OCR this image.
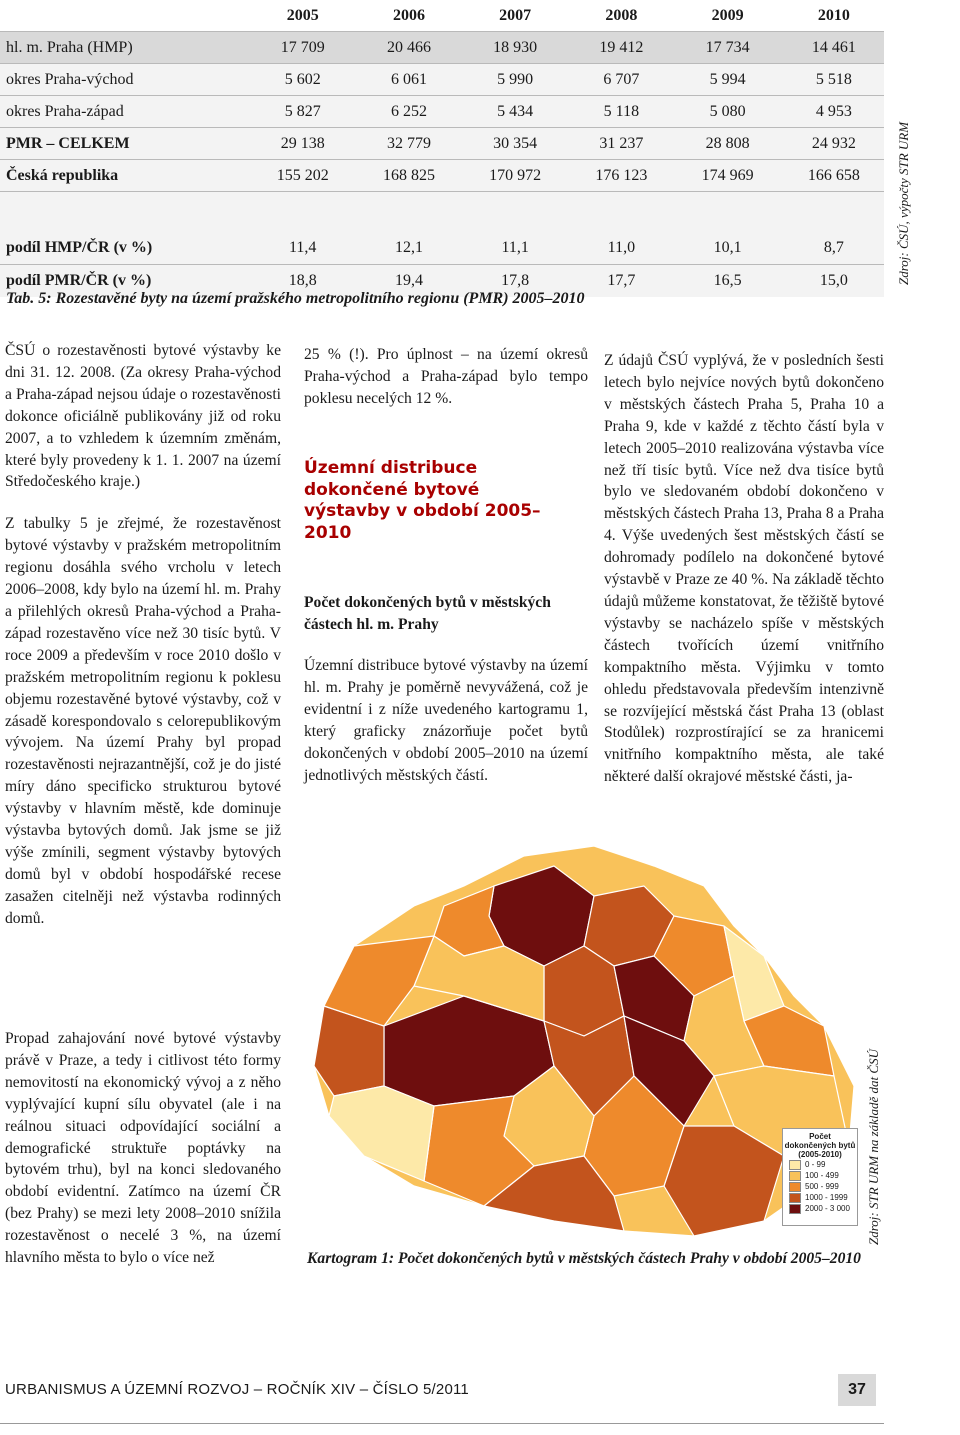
	2005	2006	2007	2008	2009	2010
hl. m. Praha (HMP)	17 709	20 466	18 930	19 412	17 734	14 461
okres Praha-východ	5 602	6 061	5 990	6 707	5 994	5 518
okres Praha-západ	5 827	6 252	5 434	5 118	5 080	4 953
PMR – CELKEM	29 138	32 779	30 354	31 237	28 808	24 932
Česká republika	155 202	168 825	170 972	176 123	174 969	166 658

podíl HMP/ČR (v %)	11,4	12,1	11,1	11,0	10,1	8,7
podíl PMR/ČR (v %)	18,8	19,4	17,8	17,7	16,5	15,0
Tab. 5: Rozestavěné byty na území pražského metropolitního regionu (PMR) 2005–2010
Zdroj: ČSÚ, výpočty STR URM

ČSÚ o rozestavěnosti bytové výstavby ke dni 31. 12. 2008. (Za okresy Praha-východ a Praha-západ nejsou údaje o rozestavěnosti dokonce oficiálně publikovány již od roku 2007, a to vzhledem k územním změnám, které byly provedeny k 1. 1. 2007 na území Středočeského kraje.)

Z tabulky 5 je zřejmé, že rozestavěnost bytové výstavby v pražském metropolitním regionu dosáhla svého vrcholu v letech 2006–2008, kdy bylo na území hl. m. Prahy a přilehlých okresů Praha-východ a Praha-západ rozestavěno více než 30 tisíc bytů. V roce 2009 a především v roce 2010 došlo v pražském metropolitním regionu k poklesu objemu rozestavěné bytové výstavby, což v zásadě korespondovalo s celorepublikovým vývojem. Na území Prahy byl propad rozestavěnosti nejrazantnější, což je do jisté míry dáno specificko strukturou bytové výstavby v hlavním městě, kde dominuje výstavba bytových domů. Jak jsme se již výše zmínili, segment výstavby bytových domů byl v období hospodářské recese zasažen citelněji než výstavba rodinných domů.

Propad zahajování nové bytové výstavby právě v Praze, a tedy i citlivost této formy nemovitostí na ekonomický vývoj a z něho vyplývající kupní sílu obyvatel (ale i na reálnou situaci odpovídající sociální a demografické struktuře poptávky na bytovém trhu), byl na konci sledovaného období evidentní. Zatímco na území ČR (bez Prahy) se mezi lety 2008–2010 snížila rozestavěnost o necelé 3 %, na území hlavního města to bylo o více než

25 % (!). Pro úplnost – na území okresů Praha-východ a Praha-západ bylo tempo poklesu necelých 12 %.

Územní distribuce dokončené bytové výstavby v období 2005–2010
Počet dokončených bytů v městských částech hl. m. Prahy
Územní distribuce bytové výstavby na území hl. m. Prahy je poměrně nevyvážená, což je evidentní i z níže uvedeného kartogramu 1, který graficky znázorňuje počet bytů dokončených v období 2005–2010 na území jednotlivých městských částí.

Z údajů ČSÚ vyplývá, že v posledních šesti letech bylo nejvíce nových bytů dokončeno v městských částech Praha 5, Praha 10 a Praha 9, kde v každé z těchto částí byla v letech 2005–2010 realizována výstavba více než tří tisíc bytů. Více než dva tisíce bytů bylo ve sledovaném období dokončeno v městských částech Praha 13, Praha 8 a Praha 4. Výše uvedených šest městských částí se dohromady podílelo na dokončené bytové výstavbě v Praze ze 40 %. Na základě těchto údajů můžeme konstatovat, že těžiště bytové výstavby se nacházelo spíše v městských částech tvořících území vnitřního kompaktního města. Výjimku v tomto ohledu představovala především intenzivně se rozvíjející městská část Praha 13 (oblast Stodůlek) rozprostírající se za hranicemi vnitřního kompaktního města, ale také některé další okrajové městské části, ja-

Počet dokončených bytů (2005-2010)
0 - 99
100 - 499
500 - 999
1000 - 1999
2000 - 3 000 Zdroj: STR URM na základě dat ČSÚ
Kartogram 1: Počet dokončených bytů v městských částech Prahy v období 2005–2010
URBANISMUS A ÚZEMNÍ ROZVOJ – ROČNÍK XIV – ČÍSLO 5/2011	37
